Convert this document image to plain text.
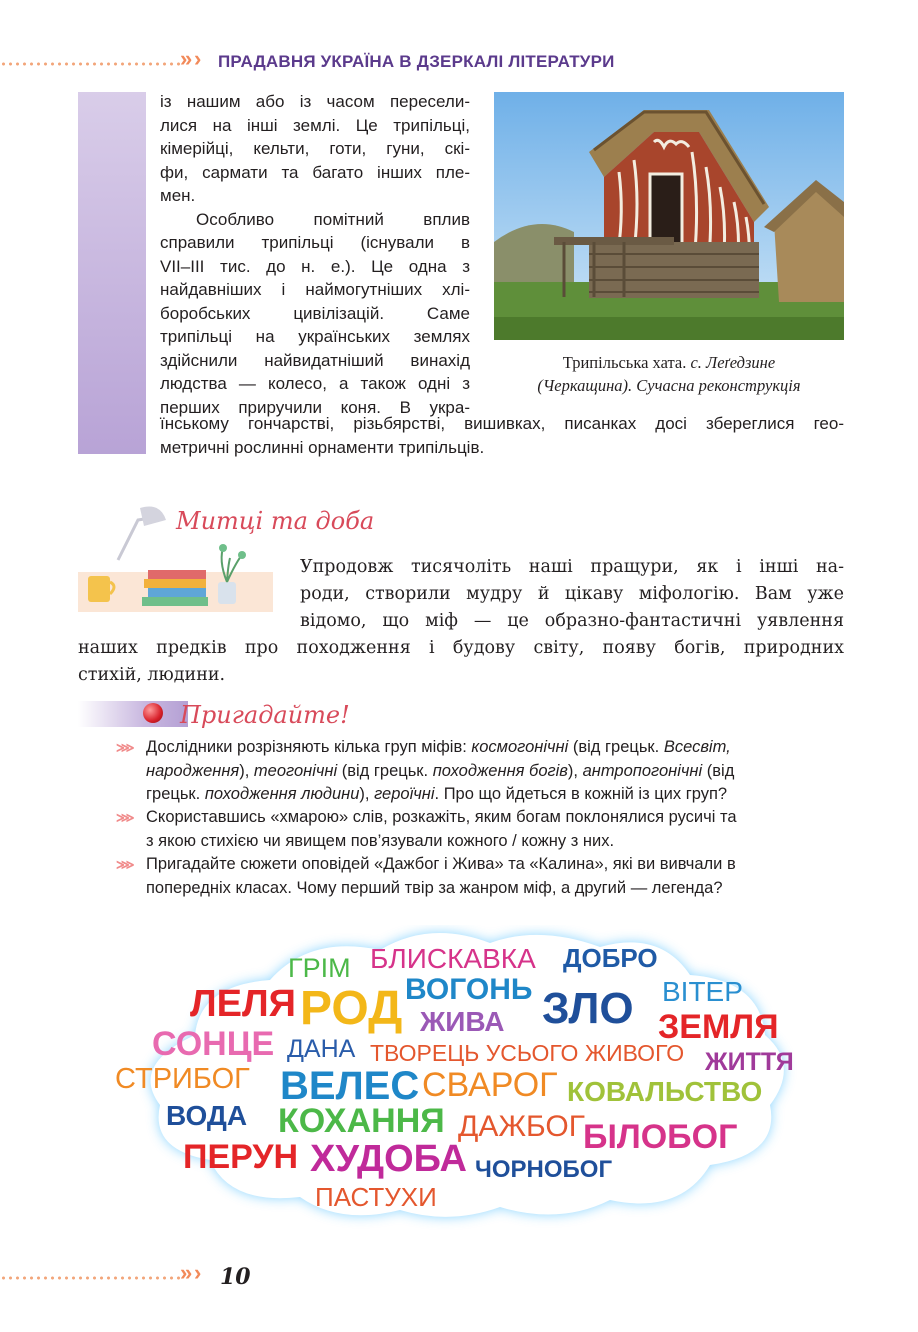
» › ПРАДАВНЯ УКРАЇНА В ДЗЕРКАЛІ ЛІТЕРАТУРИ
із нашим або із часом пересели-
лися на інші землі. Це трипільці,
кімерійці, кельти, готи, гуни, скі-
фи, сармати та багато інших пле-
мен.
Особливо помітний вплив
справили трипільці (існували в
VII–III тис. до н. е.). Це одна з
найдавніших і наймогутніших хлі-
боробських цивілізацій. Саме
трипільці на українських землях
здійснили найвидатніший винахід
людства — колесо, а також одні з
перших приручили коня. В укра-
їнському гончарстві, різьбярстві, вишивках, писанках досі збереглися гео-
метричні рослинні орнаменти трипільців.
Трипільська хата. с. Леґедзине
(Черкащина). Сучасна реконструкція
Митці та доба
Упродовж тисячоліть наші пращури, як і інші на-
роди, створили мудру й цікаву міфологію. Вам уже
відомо, що міф — це образно-фантастичні уявлення
наших предків про походження і будову світу, появу богів, природних
стихій, людини.
Пригадайте!
⋙ Дослідники розрізняють кілька груп міфів: космогонічні (від грецьк. Всесвіт,
народження), теогонічні (від грецьк. походження богів), антропогонічні (від
грецьк. походження людини), героїчні. Про що йдеться в кожній із цих груп?
⋙ Скориставшись «хмарою» слів, розкажіть, яким богам поклонялися русичі та
з якою стихією чи явищем пов’язували кожного / кожну з них.
⋙ Пригадайте сюжети оповідей «Дажбог і Жива» та «Калина», які ви вивчали в
попередніх класах. Чому перший твір за жанром міф, а другий — легенда?
ГРІМ БЛИСКАВКА ДОБРО
ЛЕЛЯ РОД ВОГОНЬ ЗЛО ВІТЕР
ЖИВА	ЗЕМЛЯ
СОНЦЕ ДАНА ТВОРЕЦЬ УСЬОГО ЖИВОГО ЖИТТЯ
СТРИБОГ ВЕЛЕС СВАРОГ КОВАЛЬСТВО
ВОДА КОХАННЯ ДАЖБОГ
БІЛОБОГ
ПЕРУН ХУДОБА ЧОРНОБОГ
ПАСТУХИ
» › 10
